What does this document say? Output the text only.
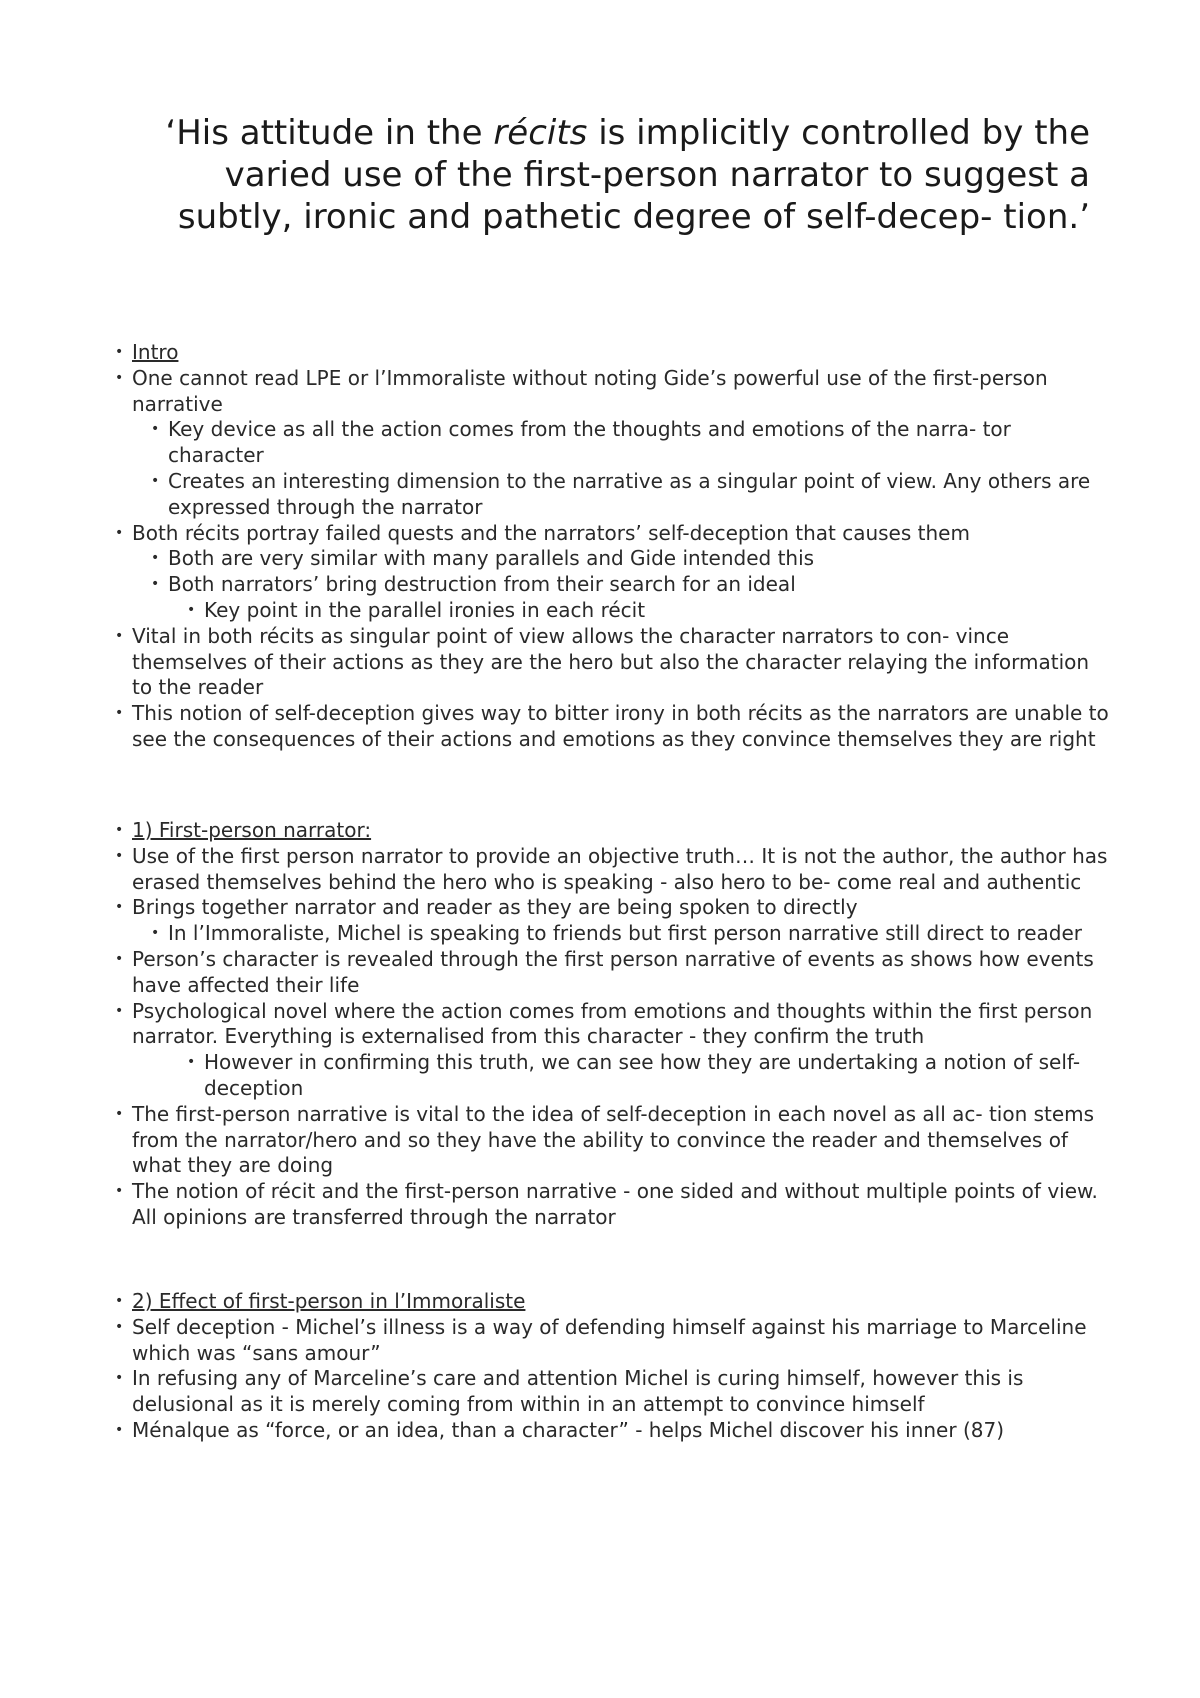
‘His attitude in the récits is implicitly controlled by the varied use of the first-person narrator to suggest a subtly, ironic and pathetic degree of self-decep- tion.’

• Intro
• One cannot read LPE or l’Immoraliste without noting Gide’s powerful use of the first-person narrative
• Key device as all the action comes from the thoughts and emotions of the narra- tor character
• Creates an interesting dimension to the narrative as a singular point of view. Any others are expressed through the narrator
• Both récits portray failed quests and the narrators’ self-deception that causes them
• Both are very similar with many parallels and Gide intended this
• Both narrators’ bring destruction from their search for an ideal
• Key point in the parallel ironies in each récit
• Vital in both récits as singular point of view allows the character narrators to con- vince themselves of their actions as they are the hero but also the character relaying the information to the reader
• This notion of self-deception gives way to bitter irony in both récits as the narrators are unable to see the consequences of their actions and emotions as they convince themselves they are right
• 1) First-person narrator:
• Use of the first person narrator to provide an objective truth… It is not the author, the author has erased themselves behind the hero who is speaking - also hero to be- come real and authentic
• Brings together narrator and reader as they are being spoken to directly
• In l’Immoraliste, Michel is speaking to friends but first person narrative still direct to reader
• Person’s character is revealed through the first person narrative of events as shows how events have affected their life
• Psychological novel where the action comes from emotions and thoughts within the first person narrator. Everything is externalised from this character - they confirm the truth
• However in confirming this truth, we can see how they are undertaking a notion of self-deception
• The first-person narrative is vital to the idea of self-deception in each novel as all ac- tion stems from the narrator/hero and so they have the ability to convince the reader and themselves of what they are doing
• The notion of récit and the first-person narrative - one sided and without multiple points of view. All opinions are transferred through the narrator
• 2) Effect of first-person in l’Immoraliste
• Self deception - Michel’s illness is a way of defending himself against his marriage to Marceline which was “sans amour”
• In refusing any of Marceline’s care and attention Michel is curing himself, however this is delusional as it is merely coming from within in an attempt to convince himself
• Ménalque as “force, or an idea, than a character” - helps Michel discover his inner (87)
